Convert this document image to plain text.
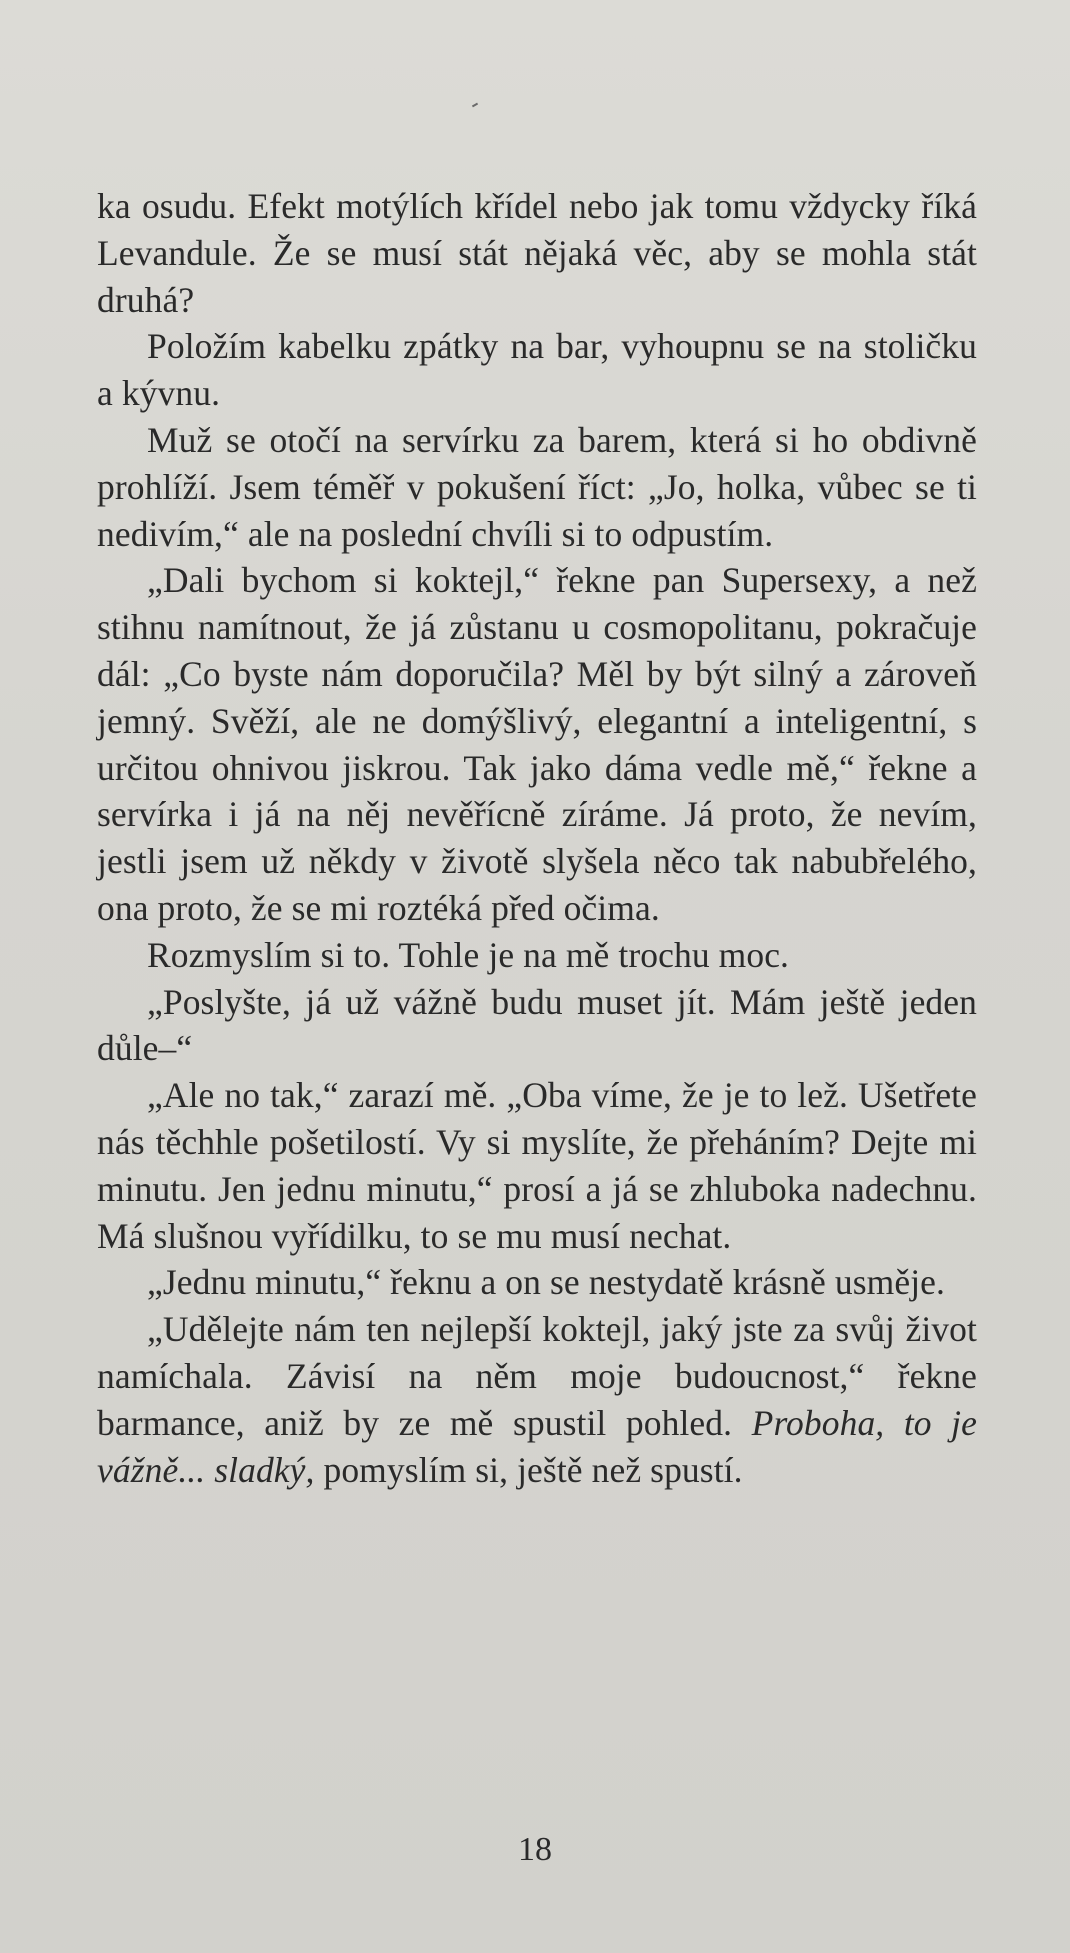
ka osudu. Efekt motýlích křídel nebo jak tomu vždycky říká Levandule. Že se musí stát nějaká věc, aby se mohla stát druhá?

Položím kabelku zpátky na bar, vyhoupnu se na stoličku a kývnu.

Muž se otočí na servírku za barem, která si ho obdivně prohlíží. Jsem téměř v pokušení říct: „Jo, holka, vůbec se ti nedivím,“ ale na poslední chvíli si to odpustím.

„Dali bychom si koktejl,“ řekne pan Supersexy, a než stihnu namítnout, že já zůstanu u cosmopolitanu, pokračuje dál: „Co byste nám doporučila? Měl by být silný a zároveň jemný. Svěží, ale ne domýšlivý, elegantní a inteligentní, s určitou ohnivou jiskrou. Tak jako dáma vedle mě,“ řekne a servírka i já na něj nevěřícně zíráme. Já proto, že nevím, jestli jsem už někdy v životě slyšela něco tak nabubřelého, ona proto, že se mi roztéká před očima.

Rozmyslím si to. Tohle je na mě trochu moc.

„Poslyšte, já už vážně budu muset jít. Mám ještě jeden důle–“

„Ale no tak,“ zarazí mě. „Oba víme, že je to lež. Ušetřete nás těchhle pošetilostí. Vy si myslíte, že přeháním? Dejte mi minutu. Jen jednu minutu,“ prosí a já se zhluboka nadechnu. Má slušnou vyřídilku, to se mu musí nechat.

„Jednu minutu,“ řeknu a on se nestydatě krásně usměje.

„Udělejte nám ten nejlepší koktejl, jaký jste za svůj život namíchala. Závisí na něm moje budoucnost,“ řekne barmance, aniž by ze mě spustil pohled. Proboha, to je vážně... sladký, pomyslím si, ještě než spustí.

18
